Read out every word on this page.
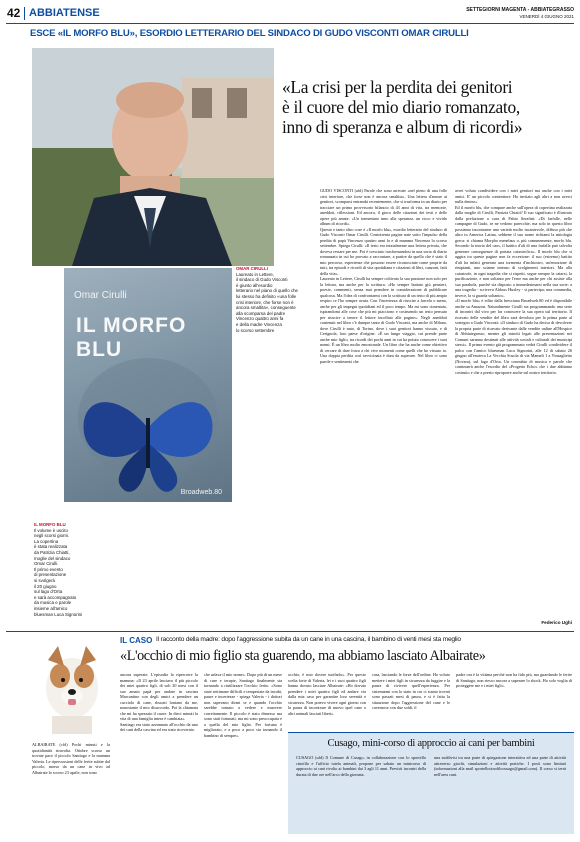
42 ABBIATENSE	SETTEGIORNI MAGENTA - ABBIATEGRASSO
VENERDÌ 4 GIUGNO 2021
ESCE «IL MORFO BLU», ESORDIO LETTERARIO DEL SINDACO DI GUDO VISCONTI OMAR CIRULLI
«La crisi per la perdita dei genitori
è il cuore del mio diario romanzato,
inno di speranza e album di ricordi»
OMAR CIRULLI
Laureato in Lettere,
il sindaco di Gudo Visconti
è giunto all'esordio
letterario nel piano di quello che
lui stesso ha definito «una folle
crisi interiore, che forse non è
ancora smaltita», conseguente
alla scomparsa del padre
Vincenzo quattro anni fa
e della madre Vincenza
lo scorso settembre
Omar Cirulli
IL MORFO BLU
Broadweb.80
IL MORFO BLU
Il volume è uscito
negli scorsi giorni.
La copertina
è stata realizzata
da Patrizia Chiatti,
moglie del sindaco
Omar Cirulli.
Il primo evento
di presentazione
si svolgerà
il 20 giugno
sul lago d'Orta
e sarà accompagnato
da musica e parole
insieme all'amico
bluesman Luca Signorini
GUDO VISCONTI (afd) Parole che sono arrivate «nel pieno di una folle crisi interiore, che forse non è ancora smaltita». Una lettera d'amore ai genitori, scomparsi entrambi recentemente, che si trasforma in un diario per tracciare un primo provvisorio bilancio di 43 anni di vita, tra memorie, aneddoti, riflessioni. Ed ancora, il gioco delle citazioni dei testi e delle opere più amate. «Un tormentato inno alla speranza, un ricco e vivido album di ricordi».
Questo e tanto altro cose è «Il morfo blu», esordio letterario del sindaco di Gudo Visconti Omar Cirulli. Centotrenta pagine nate sotto l'impulso della perdita di papà Vincenzo quattro anni fa e di mamma Vincenza lo scorso settembre. Spiega Cirulli: «Il testo era inizialmente una lettera privata, che doveva restare per me. Poi è cresciuto trasformandosi in una sorta di diario romanzato in cui ho provato a raccontare, a partire da quello che è stato il mio percorso, esperienze che possono essere riconosciute come proprie da tutti, tra episodi e ricordi di vita quotidiana e citazioni di libri, canzoni, fatti della vita».
Laureato in Lettere, Cirulli ha sempre coltivato la sua passione non solo per la lettura, ma anche per la scrittura: «Ho sempre buttato giù pensieri, poesie, commenti, senza mai prendere in considerazione di pubblicare qualcosa. Ma l'idea di confrontarmi con la scrittura di un testo di più ampio respiro ce l'ho sempre avuta. Con l'incertezza di riuscire a farcela o meno, anche per gli impegni quotidiani ed il poco tempo. Ma mi sono cimentato, ispirandomi alle cose che più mi piacciono e costruendo un testo pensato per riuscire a tenere il lettore incollato alle pagine». Negli aneddoti contenuti nel libro c'è dunque tanto di Gudo Visconti, ma anche di Milano, dove Cirulli è nato, di Torino, dove i suoi genitori hanno vissuto, e di Cerignola, loro paese d'origine. «È un lungo viaggio, cui prende parte anche mio figlio, tra ricordi dei pochi anni in cui ha potuto conoscere i suoi nonni. È un libro molto emozionale. Un libro che ha anche come obiettivo di cercare di dare forza a chi vive momenti come quelli che ho vissuto io. Una doppia perdita così ravvicinata è dura da superare. Nel libro ci sono parole e sentimenti che
avrei voluto condividere con i miei genitori ma anche con i miei amici. E' un piccolo contenitore. Ho invitato agli altri a non averci nulla dentro».
Ed il morfo blu, che compare anche sull'opera di copertina realizzata dalla moglie di Cirulli, Patrizia Chiatti? Il suo significato è illustrato dalla prefazione a cura di Fabio Serafini: «Di farfalle, nelle campagne di Gudo, se ne vedono parecchie, ma solo in questo libro possiamo incontrarne una varietà molto incantevole, diffusa più che altro in America Latina, sebbene il suo nome richiami la mitologia greca: si chiama Morpho menelaus o, più comunemente, morfo blu. Secondo la teoria del caos, il battito d'ali di una farfalla può talvolta generare conseguenze di portata catastrofica». Il morfo blu che si aggira tra queste pagine non fa eccezione: il suo (estremo) battito d'ali ha infatti generato una tormenta d'inchiostro, un'emozione di rimpianti, uno sciame intenso di svolgimenti interiori. Ma alla catastrofe, in ogni tragedia che si rispetti, segue sempre la catarsi, la purificazione, e non soltanto per l'eroe ma anche per chi assiste alla sua parabola, purché sia disposto a immedesimarsi nella sua sorte: a una tragedia - scriveva Aldous Huxley - si partecipa; una commedia, invece, la si guarda soltanto».
«Il morfo blu» è edito dalla bresciana Broadweb.80 ed è disponibile anche su Amazon. Naturalmente Cirulli sta programmando una serie di incontri dal vivo per far conoscere la sua opera sul territorio. Il ricavato delle vendite del libro sarà devoluto per la prima parte al sostegno a Gudo Visconti: «Il sindaco di Gudo ha deciso di devolvere la propria parte di ricavato derivante dalle vendite online all'Hospice di Abbiategrasso, mentre gli introiti legati alle presentazioni nei Comuni saranno destinati alle attività sociali e culturali dei municipi stessi». Il primo evento già programmato vedrà Cirulli condividere il palco con l'amico bluesman Luca Signorini, alle 12 di sabato 26 giugno all'enoteca La Vecchia Scuola di via Mameli 1 a Vinzaglietto (Novara), sul lago d'Orta. Un connubio di musica e parole che continuerà anche l'esordio del «Progetto Echo» che i due abbiamo costruito e che a presto riproporre anche sul nostro territorio.
Federico Ughi
IL CASO Il racconto della madre: dopo l'aggressione subita da un cane in una cascina, il bambino di venti mesi sta meglio
«L'occhio di mio figlio sta guarendo, ma abbiamo lasciato Albairate»
ALBAIRATE (cfd) Pochi minuti e la quotidianità stravolta. Ottobre scorso un trovate pace il piccolo Santiago e la mamma Valeria. Le ripercussioni delle ferite subite dal piccolo, morso da un cane in vivo ad Albairate lo scorso 23 aprile, non sono
ancora superate. L'episodio lo ripercorre la mamma: «Il 23 aprile lasciavo il più piccolo dei miei quattro figli, di soli 20 mesi con il suo amato papà per andare in cascina Marcantino con degli amici a prendere un cucciolo di cane, sbucati lontano da me, nonostante il mio disaccordo. Poi la chiamata che mi ha spezzato il cuore. In dieci minuti la vita di una famiglia intera è cambiata».
Santiago era stato azzannato all'occhio da uno dei cani della cascina ed era stato ricoverato.
che urlava il mio nome». Dopo più di un mese di cure e terapie, Santiago finalmente sta tornando a riutilizzare l'occhio ferito. «Sono state settimane difficili e tempestate da incubi, paure e incertezze - spiega Valeria - i dottori non sapevano dirmi se e quando l'occhio sarebbe tornato a vedere e muovere correttamente. Il piccolo è stato dimesso ma sono stati fortunati, ma mi sono preoccupata e a quella del mio figlio. Per fortuna è migliorato, e a poco a poco sta tornando il bambino di sempre».
occhio, è mio dovere tutelarlo». Per questo scelta forte di Valeria, lei e i suoi quattro figli hanno dovuto lasciare Albairate: «Ho dovuto prendere i miei quattro figli ed andare via dalla mia casa per garantire loro serenità e sicurezza. Non potevo vivere ogni giorno con la paura di incontrare di nuovo quel cane o altri animali lasciati liberi».
casa, lasciando le forze dell'ordine. Ho voluto mettere i miei figli in sicurezza da fuggire e la paura di rivivere quell'esperienza. Per sistemarmi con lo stato in cui ci siamo trovati sono passati mesi di paura, e si è fatta la situazione dopo l'aggressione del cane e le cavernose con due soldi, il
padre ora è la vittima perché non ha fido più, ma guardando le ferite di Santiago, non riesco ancora a superare lo shock. Ho solo voglia di proteggere me e i miei figli».
Cusago, mini-corso di approccio ai cani per bambini
CUSAGO (ufd) Il Comune di Cusago, in collaborazione con lo sportello cinofilo e l'ufficio tutela animali, propone per sabato un minicorso di approccio ai cani rivolto ai bambini dai 3 agli 11 anni. Previsti incontri della durata di due ore nell'arco della giornata.
una suddivisi tra una parte di spiegazione interattiva ed una parte di attività attraverso giochi, simulazioni e attività pratiche. I posti sono limitati (informazioni alla mail sportellocinofilocusago@gmail.com). Il corso si terrà nell'area cani.
